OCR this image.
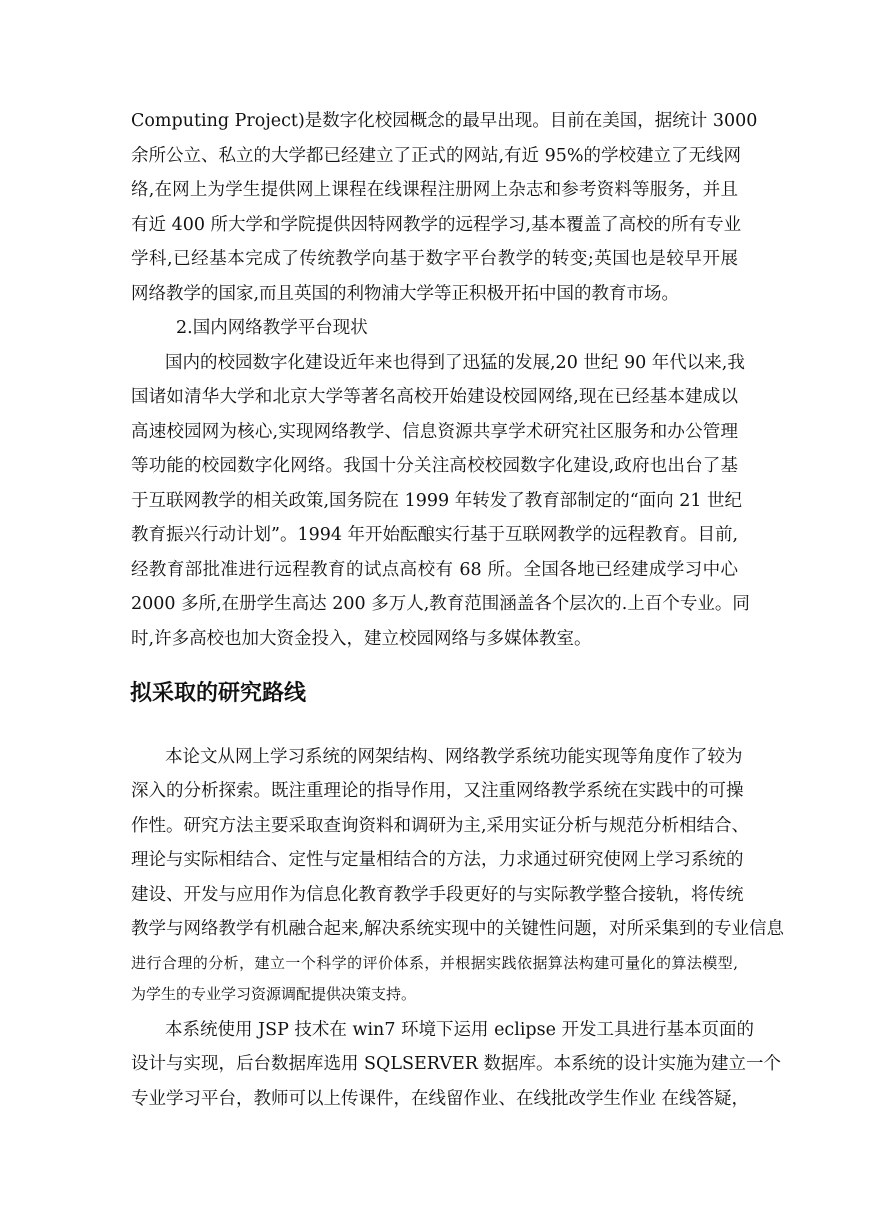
Computing Project)是数字化校园概念的最早出现。目前在美国，据统计 3000
余所公立、私立的大学都已经建立了正式的网站,有近 95%的学校建立了无线网
络,在网上为学生提供网上课程在线课程注册网上杂志和参考资料等服务，并且
有近 400 所大学和学院提供因特网教学的远程学习,基本覆盖了高校的所有专业
学科,已经基本完成了传统教学向基于数字平台教学的转变;英国也是较早开展
网络教学的国家,而且英国的利物浦大学等正积极开拓中国的教育市场。
2.国内网络教学平台现状
国内的校园数字化建设近年来也得到了迅猛的发展,20 世纪 90 年代以来,我
国诸如清华大学和北京大学等著名高校开始建设校园网络,现在已经基本建成以
高速校园网为核心,实现网络教学、信息资源共享学术研究社区服务和办公管理
等功能的校园数字化网络。我国十分关注高校校园数字化建设,政府也出台了基
于互联网教学的相关政策,国务院在 1999 年转发了教育部制定的“面向 21 世纪
教育振兴行动计划”。1994 年开始酝酿实行基于互联网教学的远程教育。目前,
经教育部批准进行远程教育的试点高校有 68 所。全国各地已经建成学习中心
2000 多所,在册学生高达 200 多万人,教育范围涵盖各个层次的.上百个专业。同
时,许多高校也加大资金投入，建立校园网络与多媒体教室。
拟采取的研究路线
本论文从网上学习系统的网架结构、网络教学系统功能实现等角度作了较为
深入的分析探索。既注重理论的指导作用，又注重网络教学系统在实践中的可操
作性。研究方法主要采取查询资料和调研为主,采用实证分析与规范分析相结合、
理论与实际相结合、定性与定量相结合的方法，力求通过研究使网上学习系统的
建设、开发与应用作为信息化教育教学手段更好的与实际教学整合接轨，将传统
教学与网络教学有机融合起来,解决系统实现中的关键性问题，对所采集到的专业信息
进行合理的分析，建立一个科学的评价体系，并根据实践依据算法构建可量化的算法模型,
为学生的专业学习资源调配提供决策支持。
本系统使用 JSP 技术在 win7 环境下运用 eclipse 开发工具进行基本页面的
设计与实现，后台数据库选用 SQLSERVER 数据库。本系统的设计实施为建立一个
专业学习平台，教师可以上传课件，在线留作业、在线批改学生作业 在线答疑，
